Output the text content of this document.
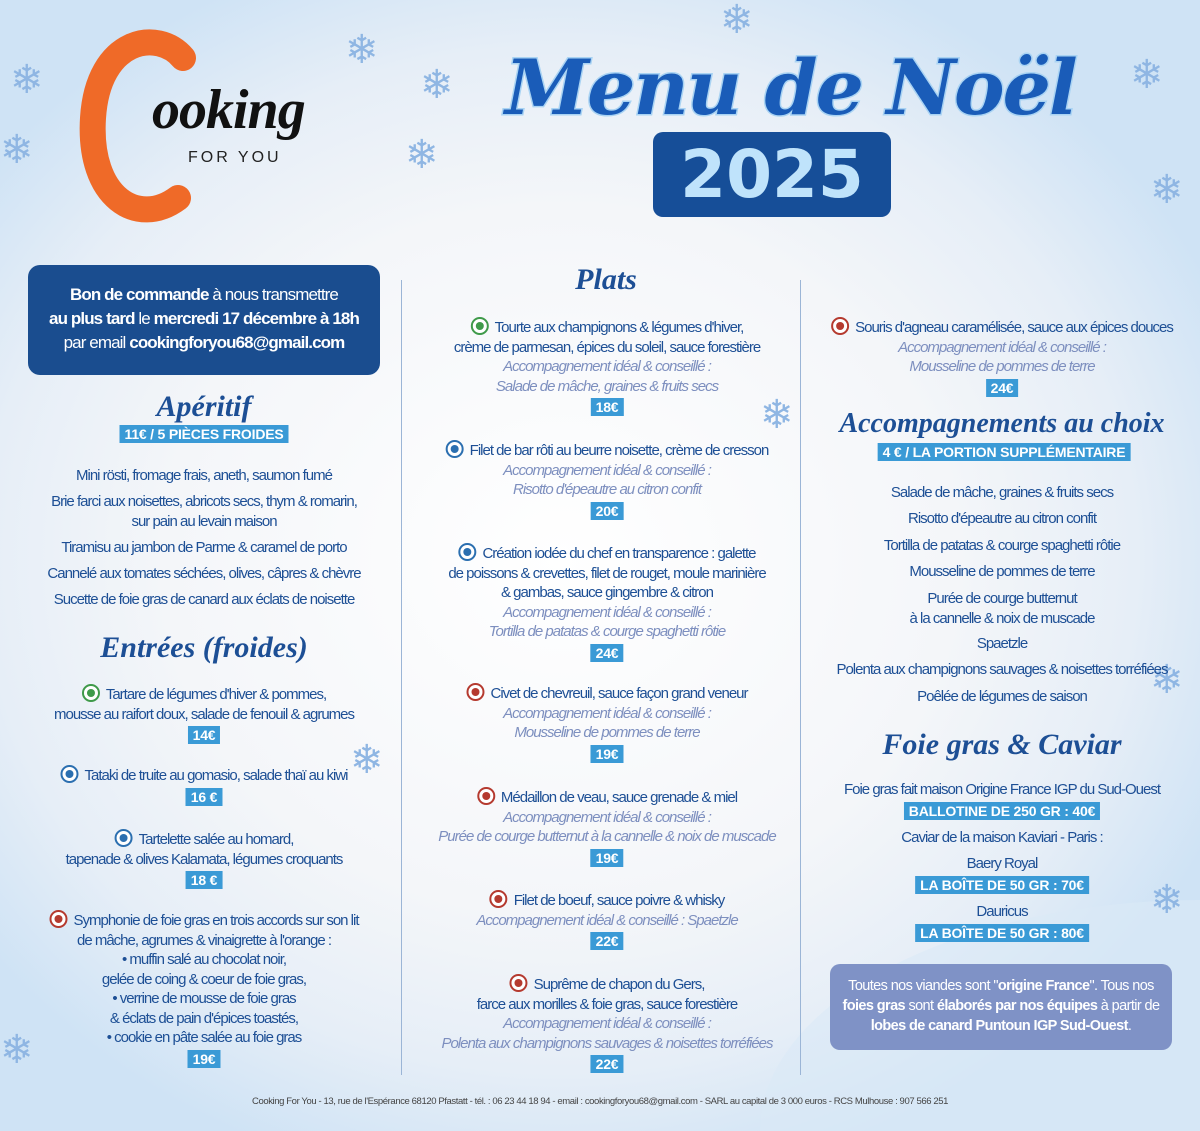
❄
❄
❄
❄
❄
❄
❄
❄
❄
❄
❄
❄
❄
ooking
FOR YOU
Menu de Noël
2025
Bon de commande à nous transmettre
au plus tard le mercredi 17 décembre à 18h
par email cookingforyou68@gmail.com
Apéritif
11€ / 5 PIÈCES FROIDES
Entrées (froides)
Plats
Accompagnements au choix
4 € / LA PORTION SUPPLÉMENTAIRE
Foie gras & Caviar
Mini rösti, fromage frais, aneth, saumon fumé
Brie farci aux noisettes, abricots secs, thym & romarin,
sur pain au levain maison
Tiramisu au jambon de Parme & caramel de porto
Cannelé aux tomates séchées, olives, câpres & chèvre
Sucette de foie gras de canard aux éclats de noisette
Tartare de légumes d'hiver & pommes,
mousse au raifort doux, salade de fenouil & agrumes
14€
Tataki de truite au gomasio, salade thaï au kiwi
16 €
Tartelette salée au homard,
tapenade & olives Kalamata, légumes croquants
18 €
Symphonie de foie gras en trois accords sur son lit
de mâche, agrumes & vinaigrette à l'orange :
• muffin salé au chocolat noir,
gelée de coing & coeur de foie gras,
• verrine de mousse de foie gras
& éclats de pain d'épices toastés,
• cookie en pâte salée au foie gras
19€
Tourte aux champignons & légumes d'hiver,
crème de parmesan, épices du soleil, sauce forestière
Accompagnement idéal & conseillé :
Salade de mâche, graines & fruits secs
18€
Filet de bar rôti au beurre noisette, crème de cresson
Accompagnement idéal & conseillé :
Risotto d'épeautre au citron confit
20€
Création iodée du chef en transparence : galette
de poissons & crevettes, filet de rouget, moule marinière
& gambas, sauce gingembre & citron
Accompagnement idéal & conseillé :
Tortilla de patatas & courge spaghetti rôtie
24€
Civet de chevreuil, sauce façon grand veneur
Accompagnement idéal & conseillé :
Mousseline de pommes de terre
19€
Médaillon de veau, sauce grenade & miel
Accompagnement idéal & conseillé :
Purée de courge butternut à la cannelle & noix de muscade
19€
Filet de boeuf, sauce poivre & whisky
Accompagnement idéal & conseillé : Spaetzle
22€
Suprême de chapon du Gers,
farce aux morilles & foie gras, sauce forestière
Accompagnement idéal & conseillé :
Polenta aux champignons sauvages & noisettes torréfiées
22€
Souris d'agneau caramélisée, sauce aux épices douces
Accompagnement idéal & conseillé :
Mousseline de pommes de terre
24€
Salade de mâche, graines & fruits secs
Risotto d'épeautre au citron confit
Tortilla de patatas & courge spaghetti rôtie
Mousseline de pommes de terre
Purée de courge butternut
à la cannelle & noix de muscade
Spaetzle
Polenta aux champignons sauvages & noisettes torréfiées
Poêlée de légumes de saison
Foie gras fait maison Origine France IGP du Sud-Ouest
BALLOTINE DE 250 GR : 40€
Caviar de la maison Kaviari - Paris :
Baery Royal
LA BOÎTE DE 50 GR : 70€
Dauricus
LA BOÎTE DE 50 GR : 80€
Toutes nos viandes sont "origine France". Tous nos foies gras sont élaborés par nos équipes à partir de lobes de canard Puntoun IGP Sud-Ouest.
Cooking For You - 13, rue de l'Espérance 68120 Pfastatt - tél. : 06 23 44 18 94 - email : cookingforyou68@gmail.com - SARL au capital de 3 000 euros - RCS Mulhouse : 907 566 251
